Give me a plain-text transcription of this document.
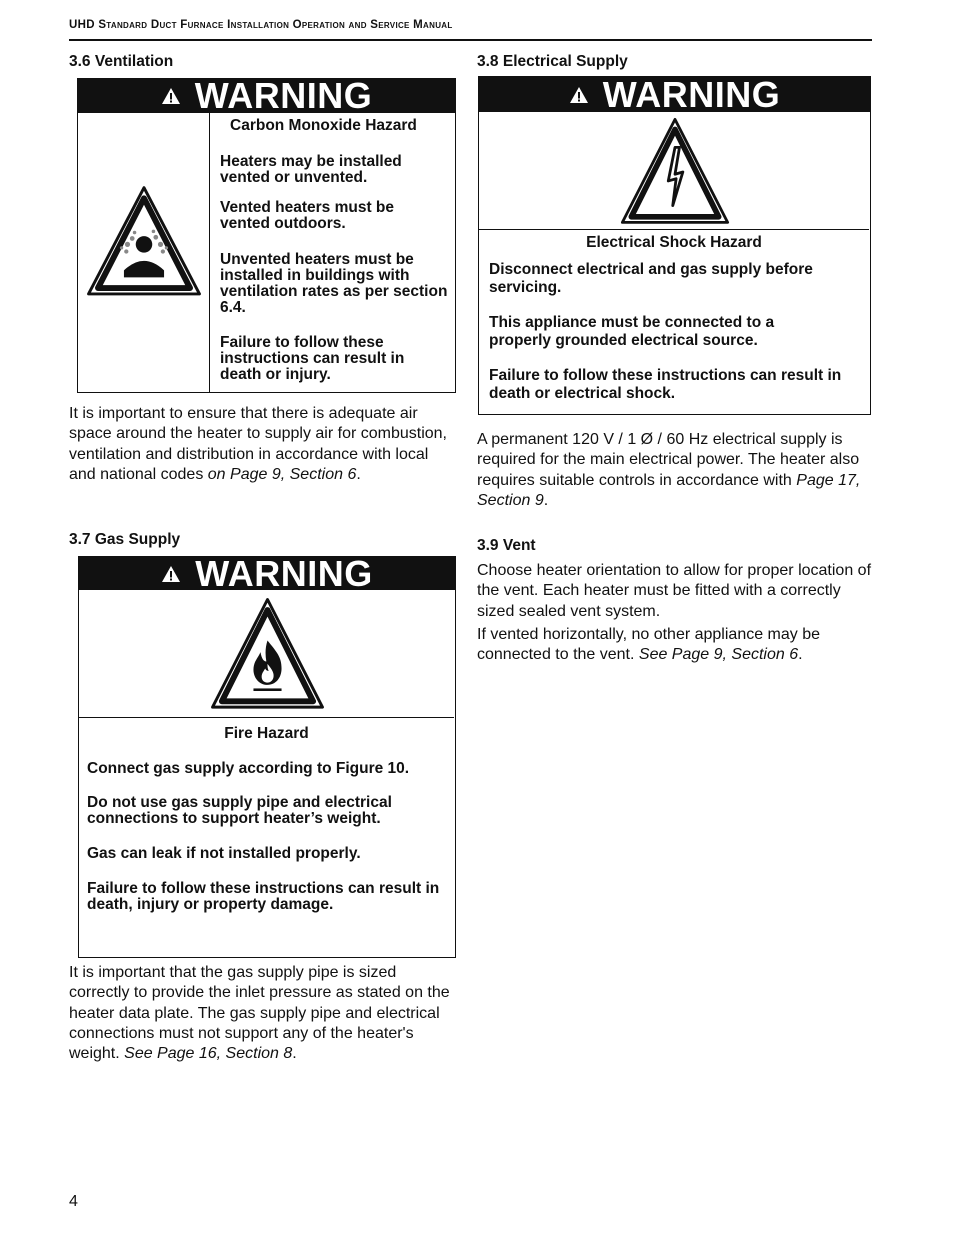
UHD Standard Duct Furnace Installation Operation and Service Manual
3.6 Ventilation
WARNING
Carbon Monoxide Hazard
Heaters may be installed vented or unvented.
Vented heaters must be vented outdoors.
Unvented heaters must be installed in buildings with ventilation rates as per section 6.4.
Failure to follow these instructions can result in death or injury.
It is important to ensure that there is adequate air space around the heater to supply air for combustion, ventilation and distribution in accordance with local and national codes on Page 9, Section 6.
3.7 Gas Supply
WARNING
Fire Hazard
Connect gas supply according to Figure 10.
Do not use gas supply pipe and electrical connections to support heater’s weight.
Gas can leak if not installed properly.
Failure to follow these instructions can result in death, injury or property damage.
It is important that the gas supply pipe is sized correctly to provide the inlet pressure as stated on the heater data plate. The gas supply pipe and electrical connections must not support any of the heater's weight. See Page 16, Section 8.
3.8 Electrical Supply
WARNING
Electrical Shock Hazard
Disconnect electrical and gas supply before servicing.
This appliance must be connected to a properly grounded electrical source.
Failure to follow these instructions can result in death or electrical shock.
A permanent 120 V / 1 Ø / 60 Hz electrical supply is required for the main electrical power. The heater also requires suitable controls in accordance with Page 17, Section 9.
3.9 Vent
Choose heater orientation to allow for proper location of the vent. Each heater must be fitted with a correctly sized sealed vent system.
If vented horizontally, no other appliance may be connected to the vent. See Page 9, Section 6.
4
